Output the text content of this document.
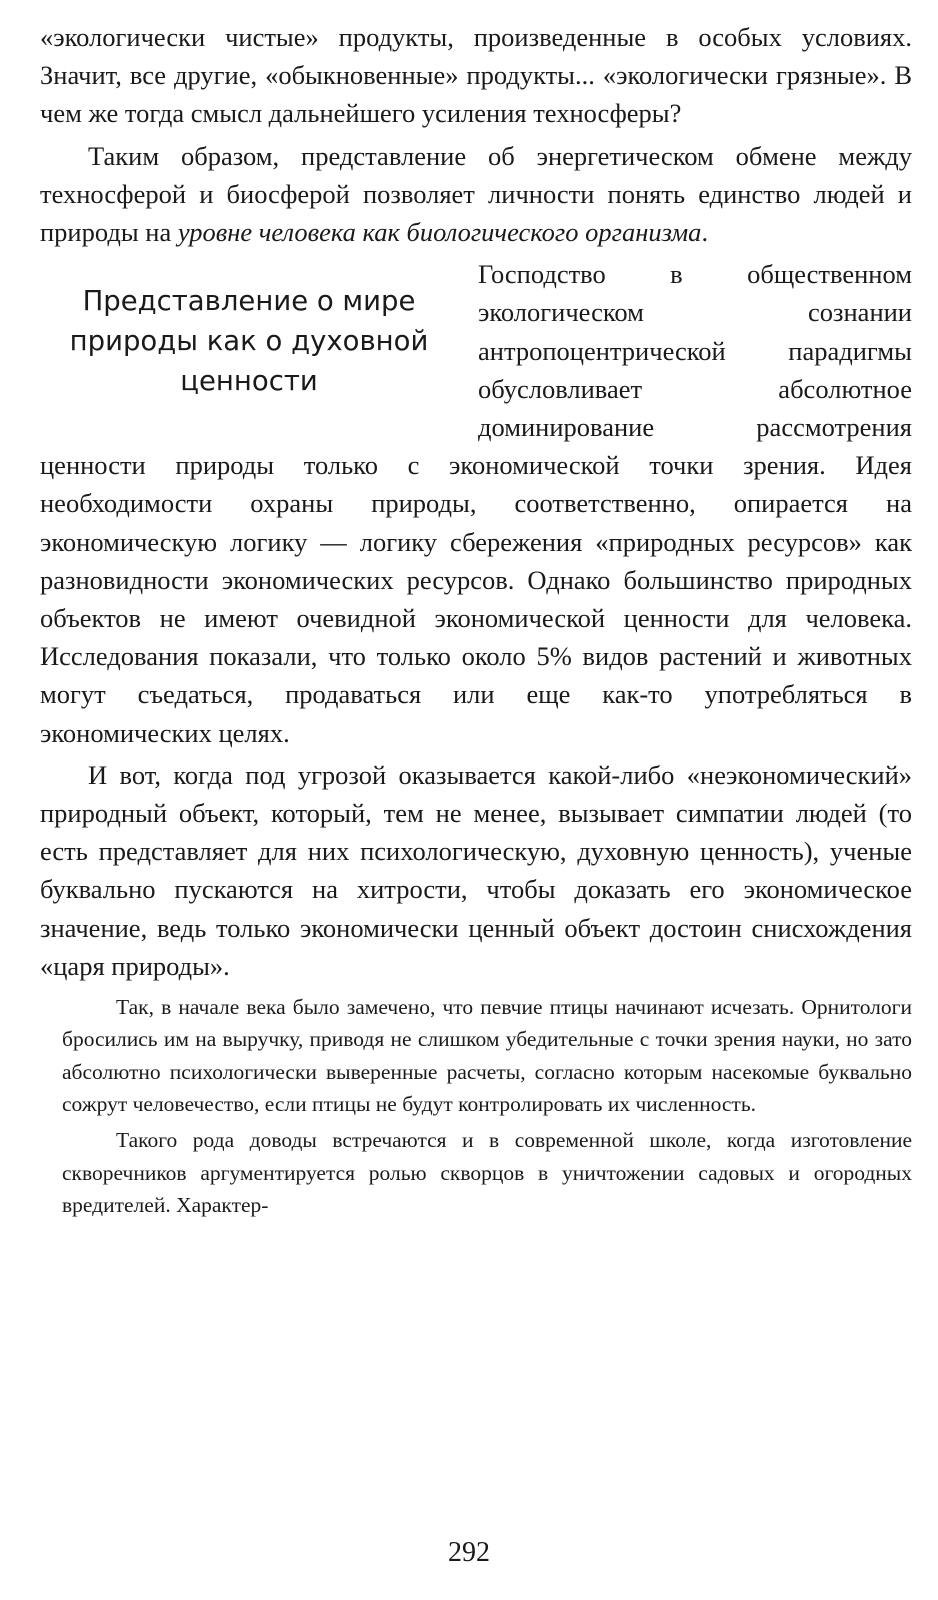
«экологически чистые» продукты, произведенные в особых условиях. Значит, все другие, «обыкновенные» продукты... «экологически грязные». В чем же тогда смысл дальнейшего усиления техносферы?

Таким образом, представление об энергетическом обмене между техносферой и биосферой позволяет личности понять единство людей и природы на уровне человека как биологического организма.

Представление о мире
природы как о духовной
ценности

Господство в общественном экологическом сознании антропоцентрической парадигмы обусловливает абсолютное доминирование рассмотрения ценности природы только с экономической точки зрения. Идея необходимости охраны природы, соответственно, опирается на экономическую логику — логику сбережения «природных ресурсов» как разновидности экономических ресурсов. Однако большинство природных объектов не имеют очевидной экономической ценности для человека. Исследования показали, что только около 5% видов растений и животных могут съедаться, продаваться или еще как-то употребляться в экономических целях.

И вот, когда под угрозой оказывается какой-либо «неэкономический» природный объект, который, тем не менее, вызывает симпатии людей (то есть представляет для них психологическую, духовную ценность), ученые буквально пускаются на хитрости, чтобы доказать его экономическое значение, ведь только экономически ценный объект достоин снисхождения «царя природы».

Так, в начале века было замечено, что певчие птицы начинают исчезать. Орнитологи бросились им на выручку, приводя не слишком убедительные с точки зрения науки, но зато абсолютно психологически выверенные расчеты, согласно которым насекомые буквально сожрут человечество, если птицы не будут контролировать их численность.

Такого рода доводы встречаются и в современной школе, когда изготовление скворечников аргументируется ролью скворцов в уничтожении садовых и огородных вредителей. Характер-

292
